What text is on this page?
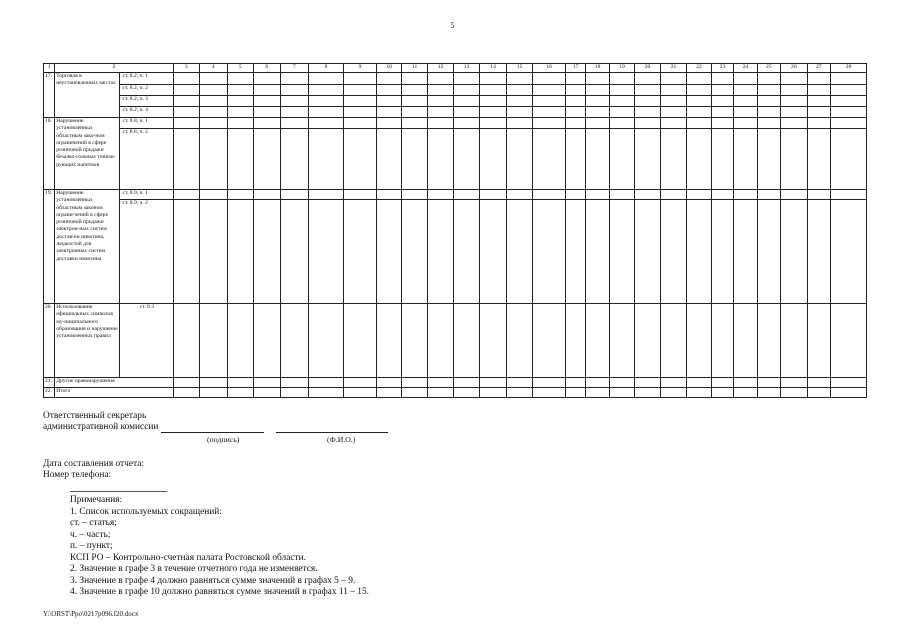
5
1	2		3	4	5	6	7	8	9	10	11	12	13	14	15	16	17	18	19	20	21	22	23	24	25	26	27	28
17.	Торговля в неустановленных местах	ст. 8.2, ч. 1																										
		ст. 8.2, ч. 2																										
		ст. 8.2, ч. 3																										
		ст. 8.2, ч. 4																										
18.	Нарушение установленных областным зако-ном ограничений в сфере розничной продажи безалко-гольных тонизи-рующих напитков	ст. 8.8, ч. 1																										
		ст. 8.8, ч. 2																										
19.	Нарушение установленных областным законом ограни-чений в сфере розничной продажи электрон-ных систем достав-ки никотина, жидкостей для электронных систем доставки никотина	ст. 8.9, ч. 1																										
		ст. 8.9, ч. 2																										
20.	Использование официальных символов му-ниципального образования и нарушение установленных правил	ст. 9.3																										
21.	Другие правонарушения																											
22.	Итого																											
Ответственный секретарь
административной комиссии
(подпись)	(Ф.И.О.)
Дата составления отчета:
Номер телефона:
Примечания:
1. Список используемых сокращений:
ст. – статья;
ч. – часть;
п. – пункт;
КСП РО – Контрольно-счетная палата Ростовской области.
2. Значение в графе 3 в течение отчетного года не изменяется.
3. Значение в графе 4 должно равняться сумме значений в графах 5 – 9.
4. Значение в графе 10 должно равняться сумме значений в графах 11 – 15.
Y:\ORST\Ppo\0217p096.f20.docx
